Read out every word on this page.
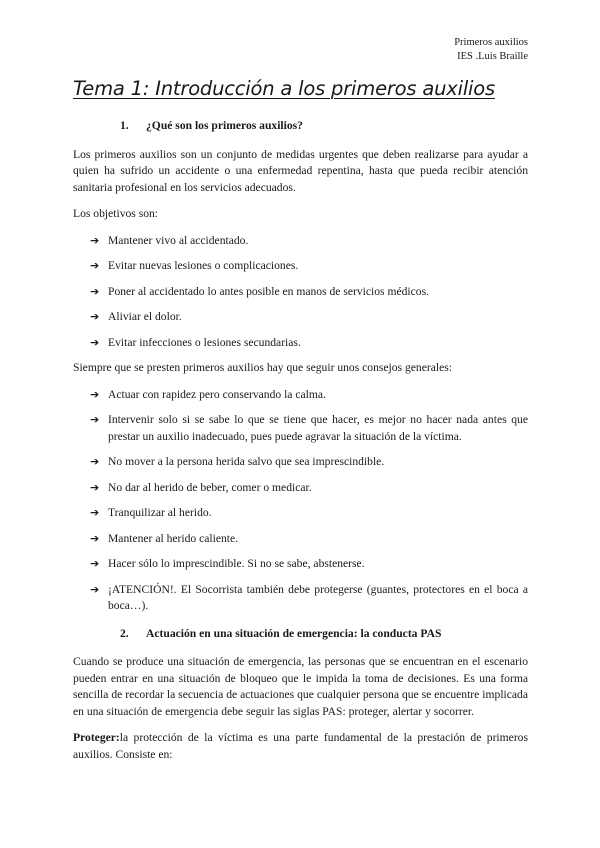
Primeros auxilios
IES .Luis Braille
Tema 1: Introducción a los primeros auxilios
1.	¿Qué son los primeros auxilios?

Los primeros auxilios son un conjunto de medidas urgentes que deben realizarse para ayudar a quien ha sufrido un accidente o una enfermedad repentina, hasta que pueda recibir atención sanitaria profesional en los servicios adecuados.

Los objetivos son:

➔ Mantener vivo al accidentado.
➔ Evitar nuevas lesiones o complicaciones.
➔ Poner al accidentado lo antes posible en manos de servicios médicos.
➔ Aliviar el dolor.
➔ Evitar infecciones o lesiones secundarias.

Siempre que se presten primeros auxilios hay que seguir unos consejos generales:

➔ Actuar con rapidez pero conservando la calma.
➔ Intervenir solo si se sabe lo que se tiene que hacer, es mejor no hacer nada antes que prestar un auxilio inadecuado, pues puede agravar la situación de la víctima.
➔ No mover a la persona herida salvo que sea imprescindible.
➔ No dar al herido de beber, comer o medicar.
➔ Tranquilizar al herido.
➔ Mantener al herido caliente.
➔ Hacer sólo lo imprescindible. Si no se sabe, abstenerse.
➔ ¡ATENCIÓN!. El Socorrista también debe protegerse (guantes, protectores en el boca a boca…).
2.	Actuación en una situación de emergencia: la conducta PAS

Cuando se produce una situación de emergencia, las personas que se encuentran en el escenario pueden entrar en una situación de bloqueo que le impida la toma de decisiones. Es una forma sencilla de recordar la secuencia de actuaciones que cualquier persona que se encuentre implicada en una situación de emergencia debe seguir las siglas PAS: proteger, alertar y socorrer.

Proteger:la protección de la víctima es una parte fundamental de la prestación de primeros auxilios. Consiste en:
